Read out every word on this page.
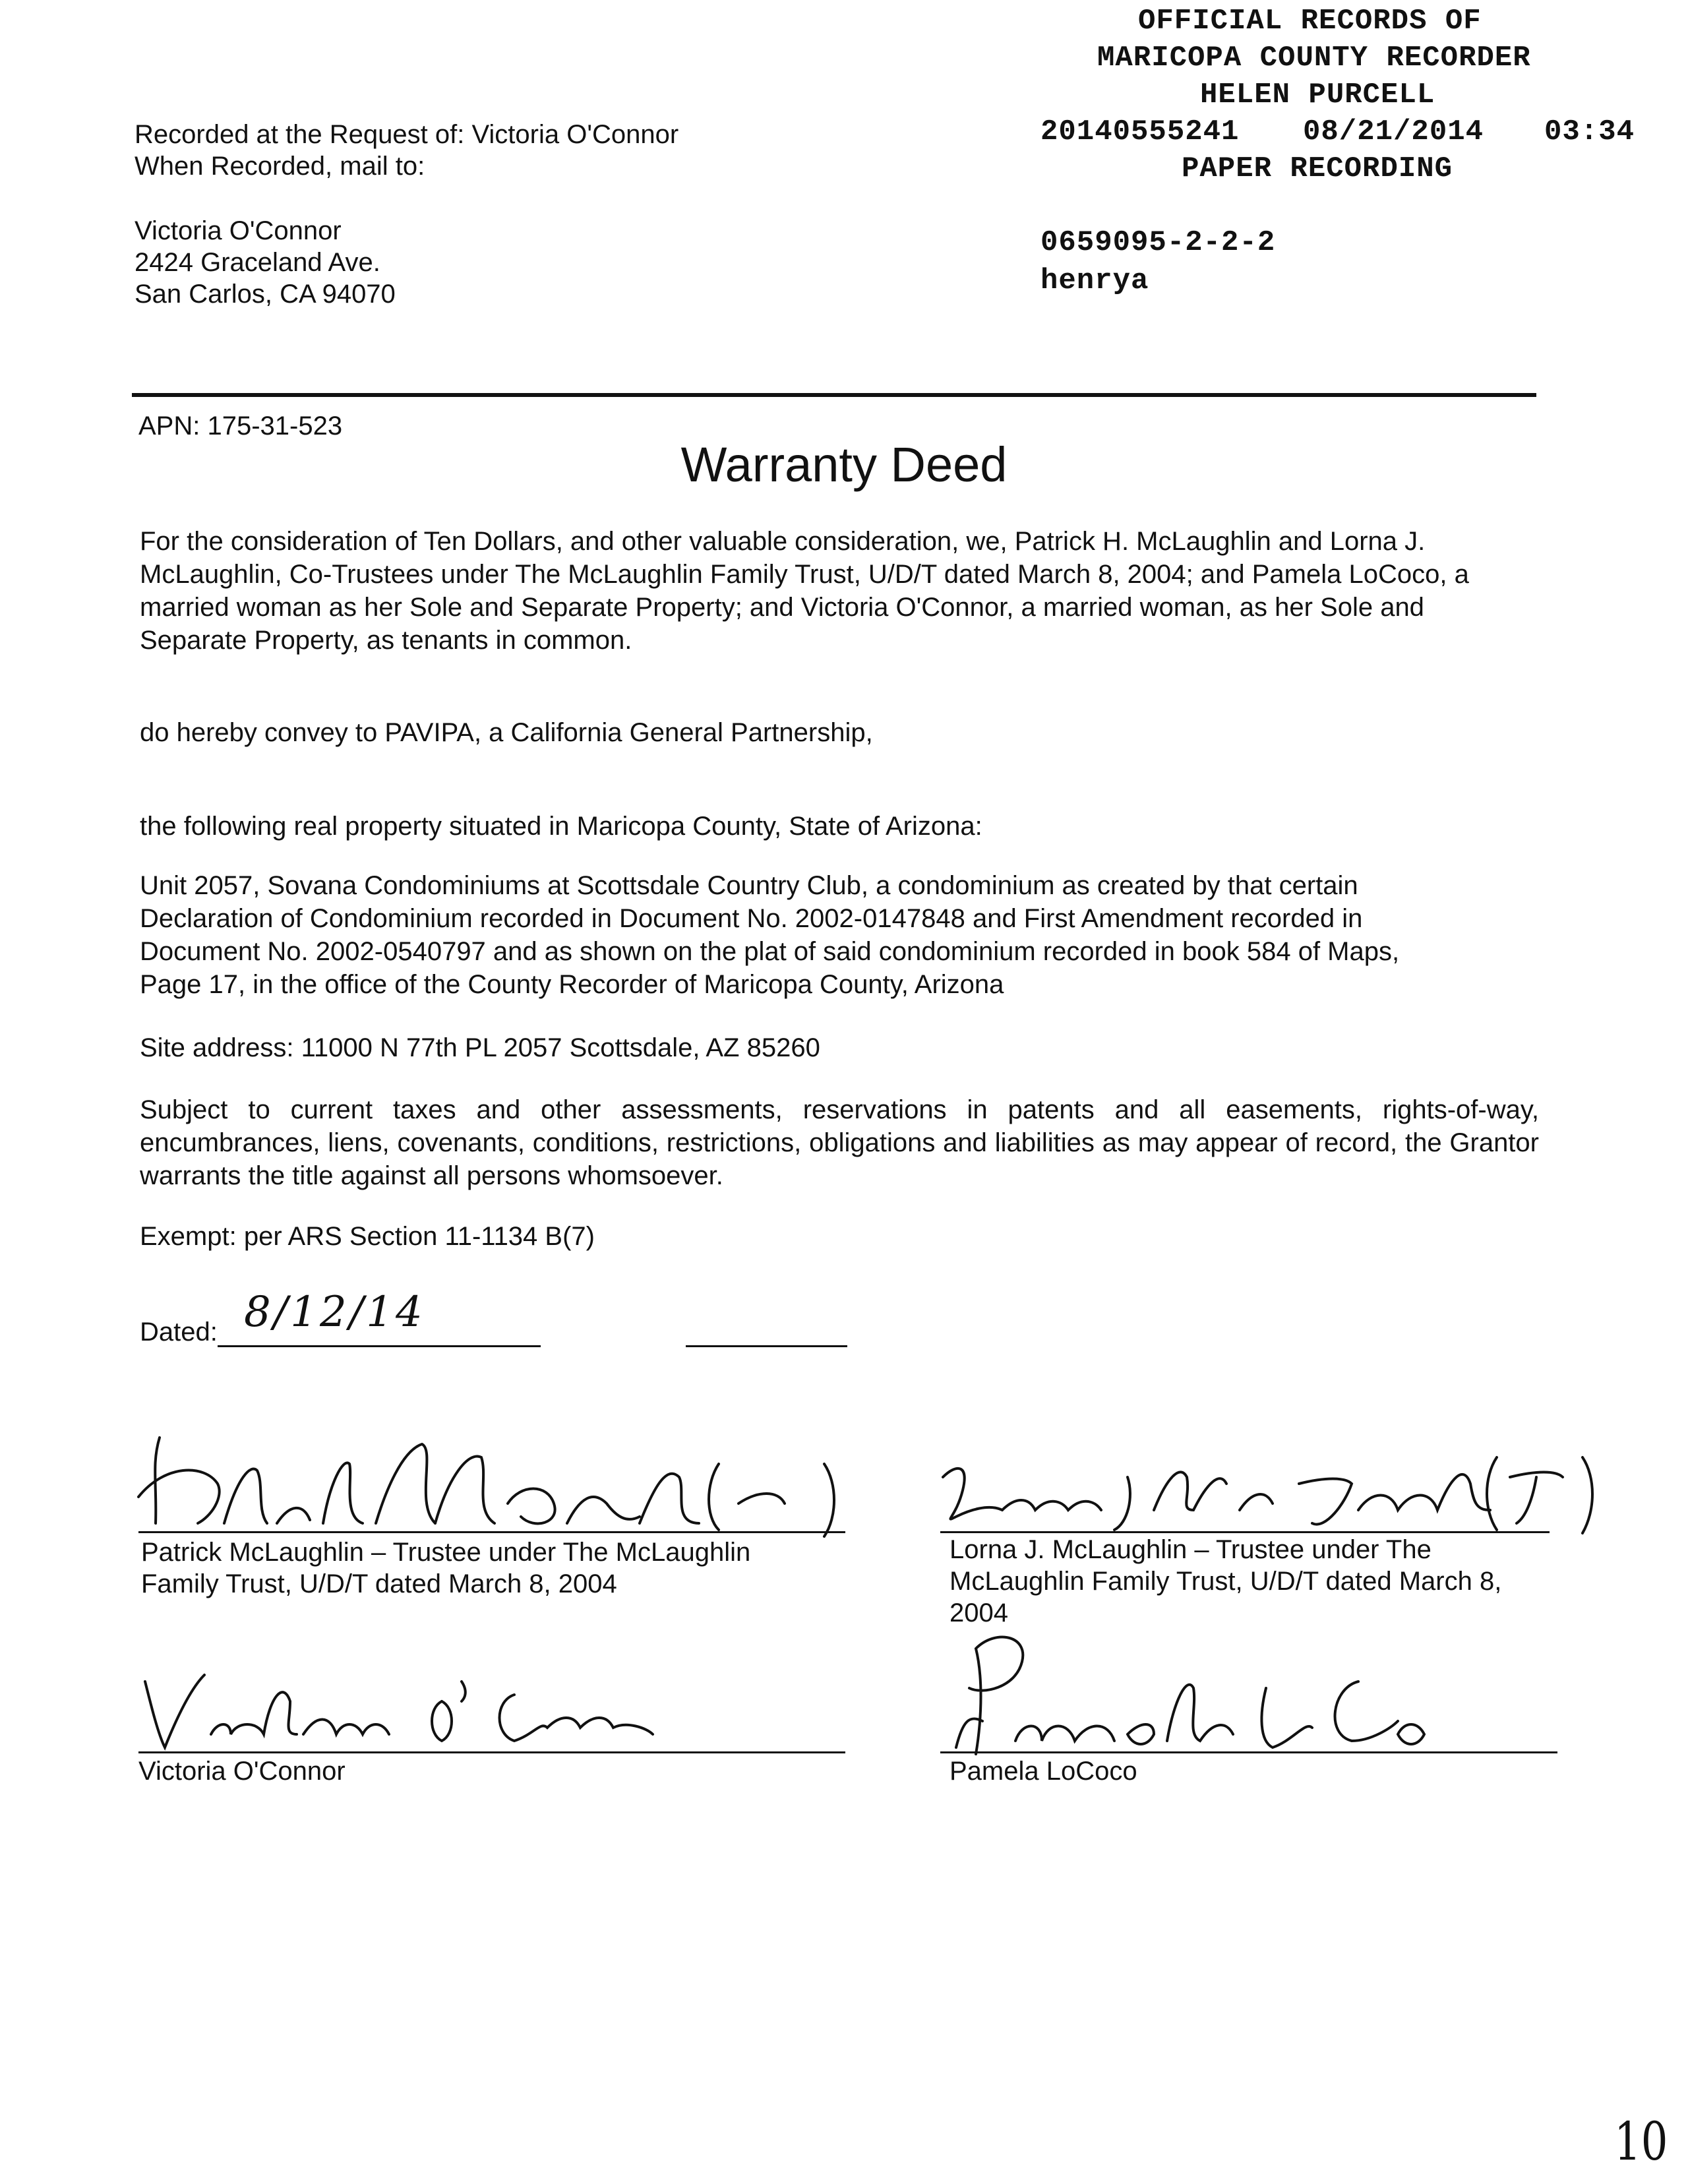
OFFICIAL RECORDS OF
MARICOPA COUNTY RECORDER
HELEN PURCELL
20140555241 08/21/2014 03:34
PAPER RECORDING
0659095-2-2-2
henrya
Recorded at the Request of: Victoria O'Connor
When Recorded, mail to:
Victoria O'Connor
2424 Graceland Ave.
San Carlos, CA 94070
APN: 175-31-523
Warranty Deed
For the consideration of Ten Dollars, and other valuable consideration, we, Patrick H. McLaughlin and Lorna J. McLaughlin, Co-Trustees under The McLaughlin Family Trust, U/D/T dated March 8, 2004; and Pamela LoCoco, a married woman as her Sole and Separate Property; and Victoria O'Connor, a married woman, as her Sole and Separate Property, as tenants in common.
do hereby convey to PAVIPA, a California General Partnership,
the following real property situated in Maricopa County, State of Arizona:
Unit 2057, Sovana Condominiums at Scottsdale Country Club, a condominium as created by that certain Declaration of Condominium recorded in Document No. 2002-0147848 and First Amendment recorded in Document No. 2002-0540797 and as shown on the plat of said condominium recorded in book 584 of Maps, Page 17, in the office of the County Recorder of Maricopa County, Arizona
Site address: 11000 N 77th PL 2057 Scottsdale, AZ 85260
Subject to current taxes and other assessments, reservations in patents and all easements, rights-of-way, encumbrances, liens, covenants, conditions, restrictions, obligations and liabilities as may appear of record, the Grantor warrants the title against all persons whomsoever.
Exempt: per ARS Section 11-1134 B(7)
Dated: 8/12/14
Patrick McLaughlin – Trustee under The McLaughlin
Family Trust, U/D/T dated March 8, 2004
Lorna J. McLaughlin – Trustee under The
McLaughlin Family Trust, U/D/T dated March 8,
2004
Victoria O'Connor	Pamela LoCoco
10
